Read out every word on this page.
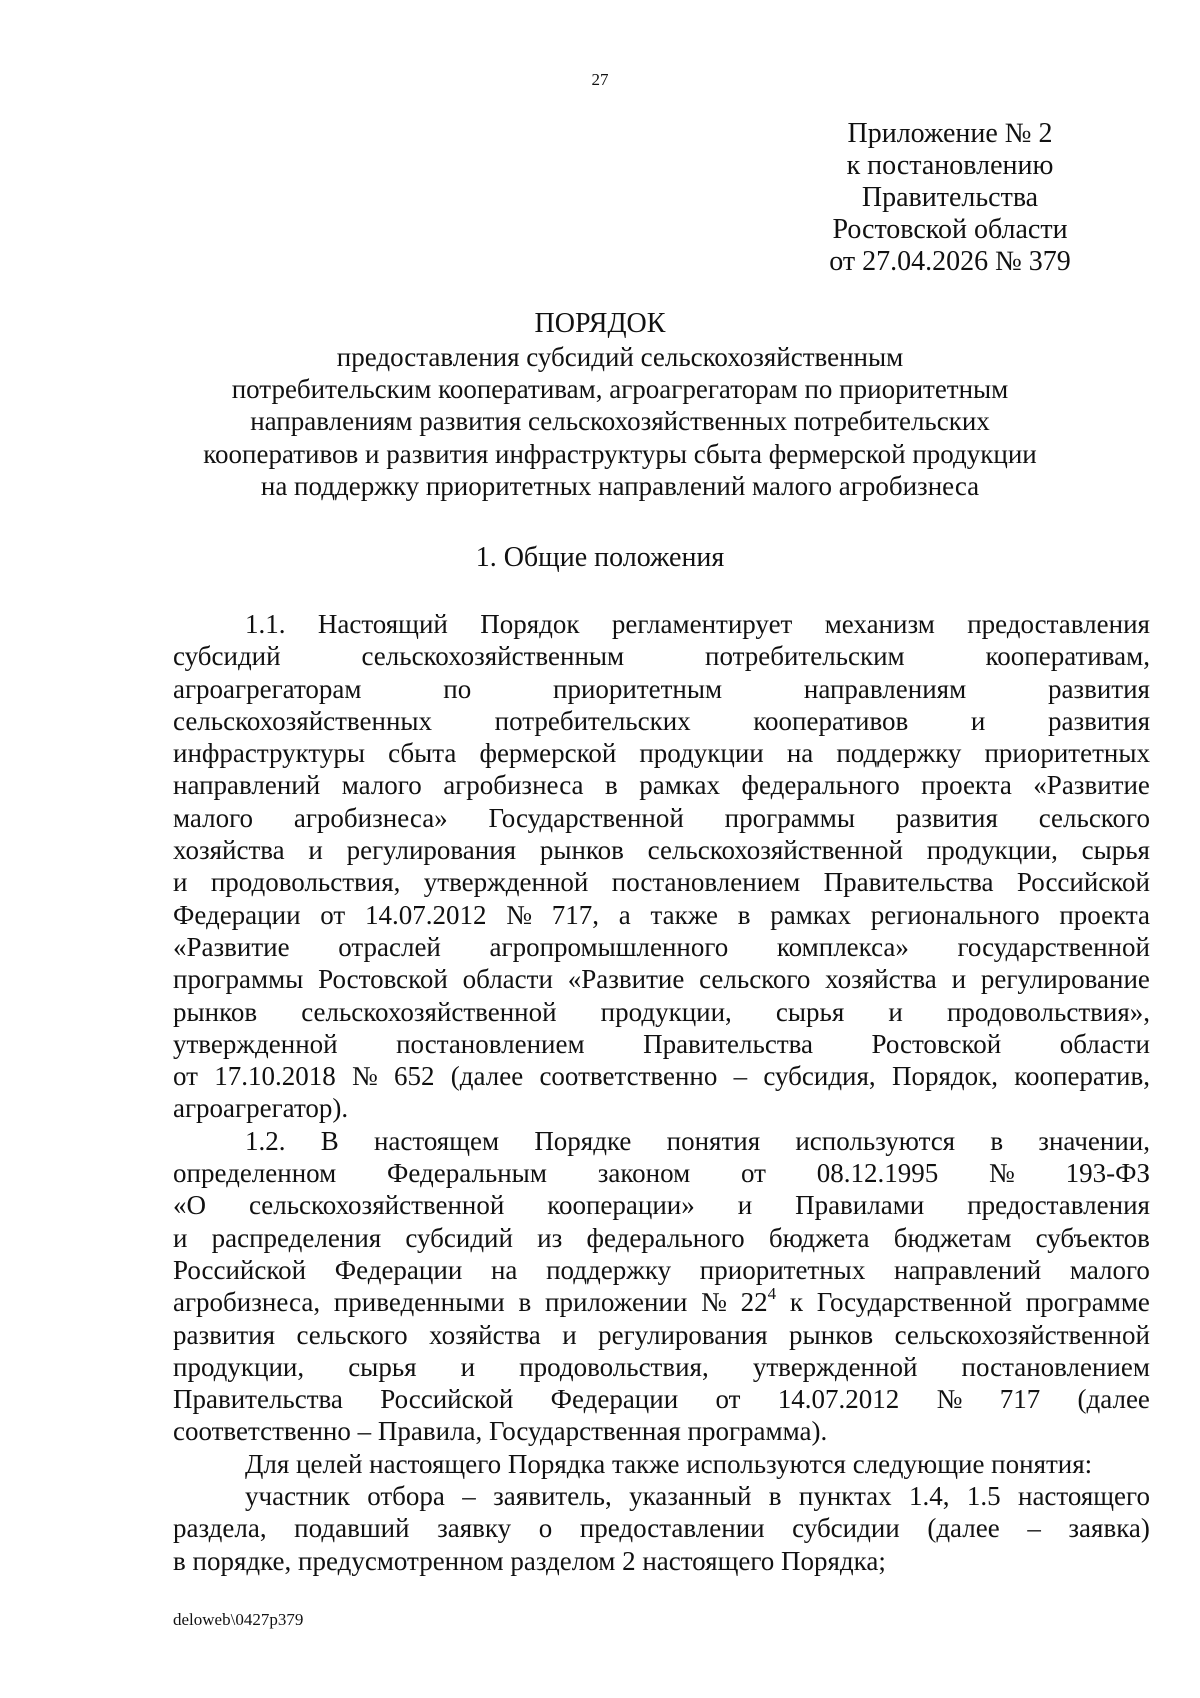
27
Приложение № 2
к постановлению
Правительства
Ростовской области
от 27.04.2026 № 379
ПОРЯДОК
предоставления субсидий сельскохозяйственным
потребительским кооперативам, агроагрегаторам по приоритетным
направлениям развития сельскохозяйственных потребительских
кооперативов и развития инфраструктуры сбыта фермерской продукции
на поддержку приоритетных направлений малого агробизнеса
1. Общие положения
1.1. Настоящий Порядок регламентирует механизм предоставления
субсидий	сельскохозяйственным	потребительским	кооперативам,
агроагрегаторам	по	приоритетным	направлениям	развития
сельскохозяйственных потребительских кооперативов и развития
инфраструктуры сбыта фермерской продукции на поддержку приоритетных
направлений малого агробизнеса в рамках федерального проекта «Развитие
малого агробизнеса» Государственной программы развития сельского
хозяйства и регулирования рынков сельскохозяйственной продукции, сырья
и продовольствия, утвержденной постановлением Правительства Российской
Федерации от 14.07.2012 № 717, а также в рамках регионального проекта
«Развитие отраслей агропромышленного комплекса» государственной
программы Ростовской области «Развитие сельского хозяйства и регулирование
рынков сельскохозяйственной продукции, сырья и продовольствия»,
утвержденной постановлением Правительства Ростовской области
от 17.10.2018 № 652 (далее соответственно – субсидия, Порядок, кооператив,
агроагрегатор).
1.2. В настоящем Порядке понятия используются в значении,
определенном Федеральным законом от 08.12.1995 № 193-ФЗ
«О сельскохозяйственной кооперации» и Правилами предоставления
и распределения субсидий из федерального бюджета бюджетам субъектов
Российской Федерации на поддержку приоритетных направлений малого
агробизнеса, приведенными в приложении № $22^4$ к Государственной программе
развития сельского хозяйства и регулирования рынков сельскохозяйственной
продукции, сырья и продовольствия, утвержденной постановлением
Правительства Российской Федерации от 14.07.2012 № 717 (далее
соответственно – Правила, Государственная программа).
Для целей настоящего Порядка также используются следующие понятия:
участник отбора – заявитель, указанный в пунктах 1.4, 1.5 настоящего
раздела, подавший заявку о предоставлении субсидии (далее – заявка)
в порядке, предусмотренном разделом 2 настоящего Порядка;
deloweb\0427p379
